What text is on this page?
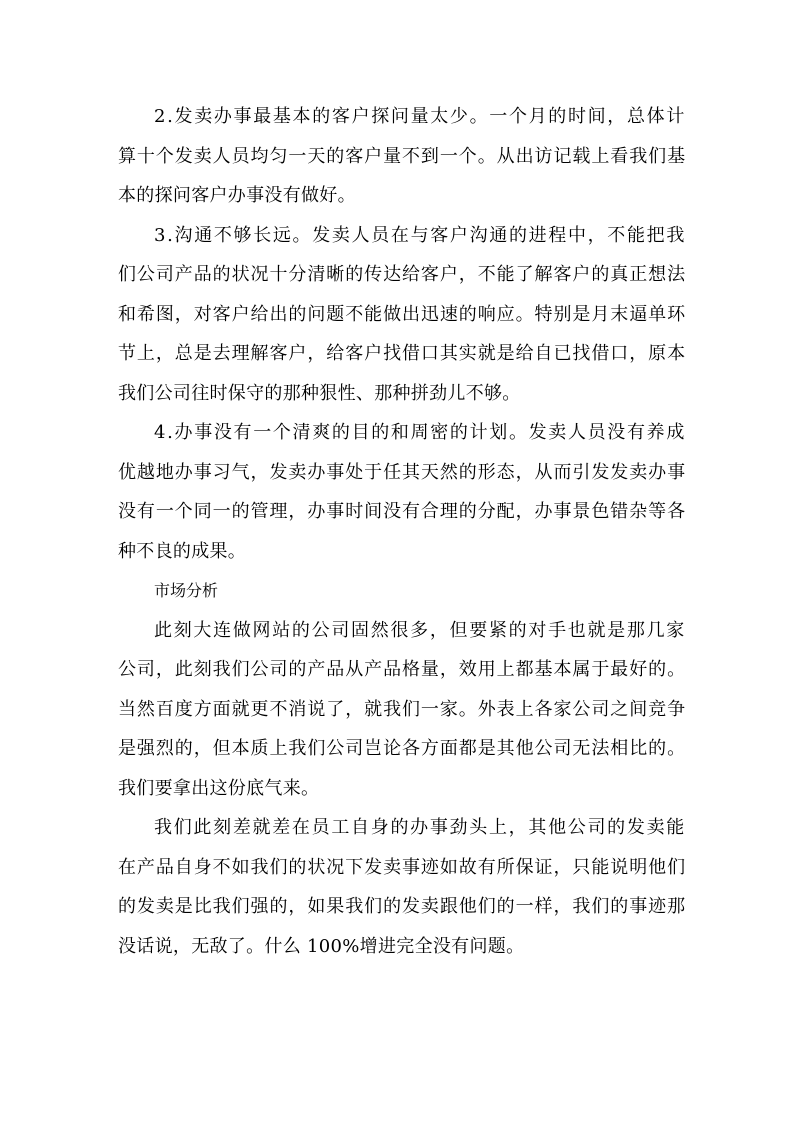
2.发卖办事最基本的客户探问量太少。一个月的时间，总体计
算十个发卖人员均匀一天的客户量不到一个。从出访记载上看我们基
本的探问客户办事没有做好。
3.沟通不够长远。发卖人员在与客户沟通的进程中，不能把我
们公司产品的状况十分清晰的传达给客户，不能了解客户的真正想法
和希图，对客户给出的问题不能做出迅速的响应。特别是月末逼单环
节上，总是去理解客户，给客户找借口其实就是给自已找借口，原本
我们公司往时保守的那种狠性、那种拼劲儿不够。
4.办事没有一个清爽的目的和周密的计划。发卖人员没有养成
优越地办事习气，发卖办事处于任其天然的形态，从而引发发卖办事
没有一个同一的管理，办事时间没有合理的分配，办事景色错杂等各
种不良的成果。
市场分析
此刻大连做网站的公司固然很多，但要紧的对手也就是那几家
公司，此刻我们公司的产品从产品格量，效用上都基本属于最好的。
当然百度方面就更不消说了，就我们一家。外表上各家公司之间竞争
是强烈的，但本质上我们公司岂论各方面都是其他公司无法相比的。
我们要拿出这份底气来。
我们此刻差就差在员工自身的办事劲头上，其他公司的发卖能
在产品自身不如我们的状况下发卖事迹如故有所保证，只能说明他们
的发卖是比我们强的，如果我们的发卖跟他们的一样，我们的事迹那
没话说，无敌了。什么 100%增进完全没有问题。
